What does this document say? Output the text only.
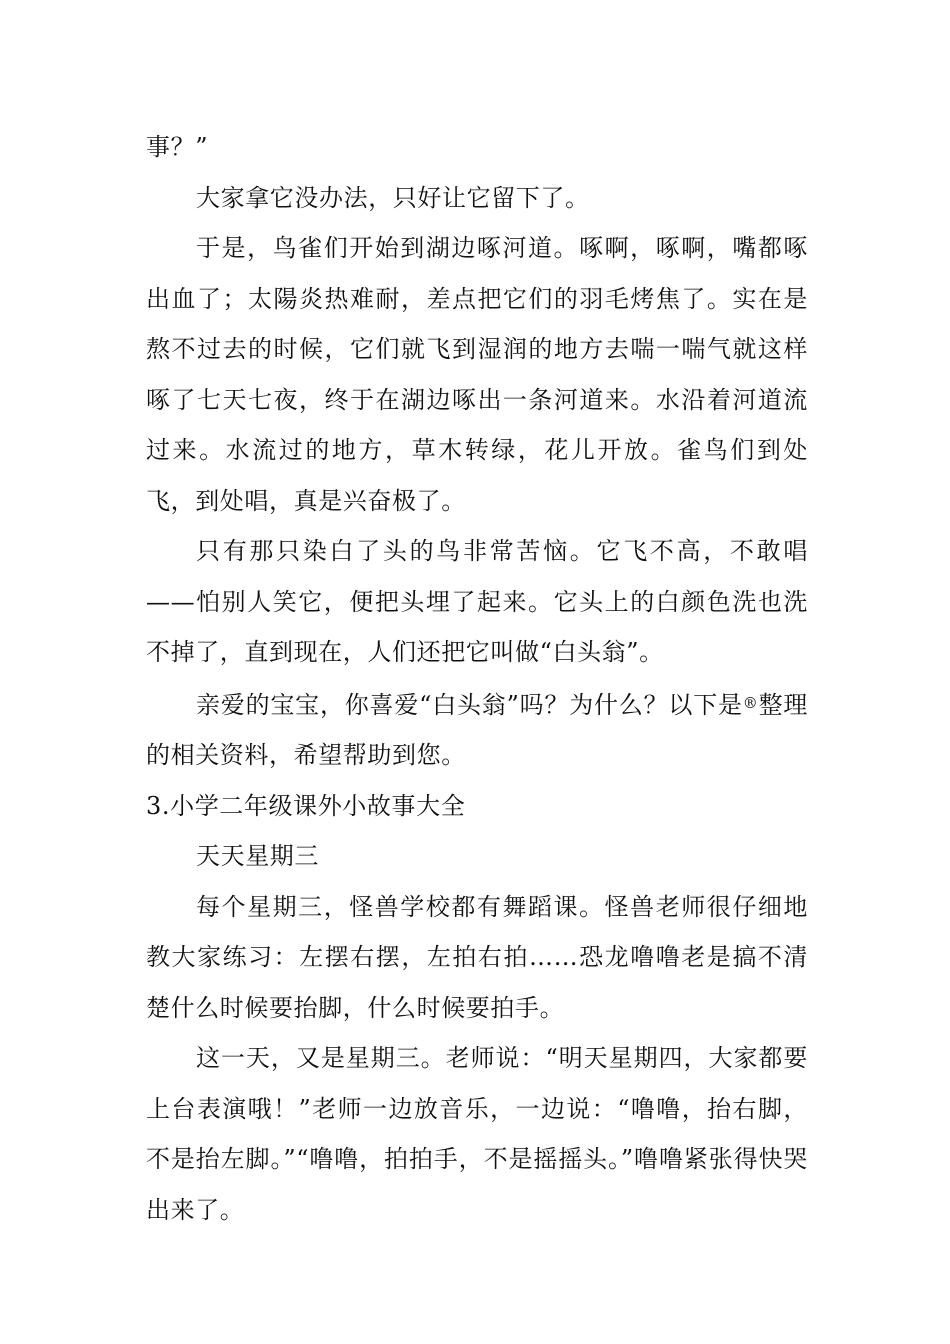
事？”

大家拿它没办法，只好让它留下了。

于是，鸟雀们开始到湖边啄河道。啄啊，啄啊，嘴都啄出血了；太陽炎热难耐，差点把它们的羽毛烤焦了。实在是熬不过去的时候，它们就飞到湿润的地方去喘一喘气就这样啄了七天七夜，终于在湖边啄出一条河道来。水沿着河道流过来。水流过的地方，草木转绿，花儿开放。雀鸟们到处飞，到处唱，真是兴奋极了。

只有那只染白了头的鸟非常苦恼。它飞不高，不敢唱——怕别人笑它，便把头埋了起来。它头上的白颜色洗也洗不掉了，直到现在，人们还把它叫做“白头翁”。

亲爱的宝宝，你喜爱“白头翁”吗？为什么？以下是®整理的相关资料，希望帮助到您。

3.小学二年级课外小故事大全

天天星期三

每个星期三，怪兽学校都有舞蹈课。怪兽老师很仔细地教大家练习：左摆右摆，左拍右拍……恐龙噜噜老是搞不清楚什么时候要抬脚，什么时候要拍手。

这一天，又是星期三。老师说：“明天星期四，大家都要上台表演哦！”老师一边放音乐，一边说：“噜噜，抬右脚，不是抬左脚。”“噜噜，拍拍手，不是摇摇头。”噜噜紧张得快哭出来了。
